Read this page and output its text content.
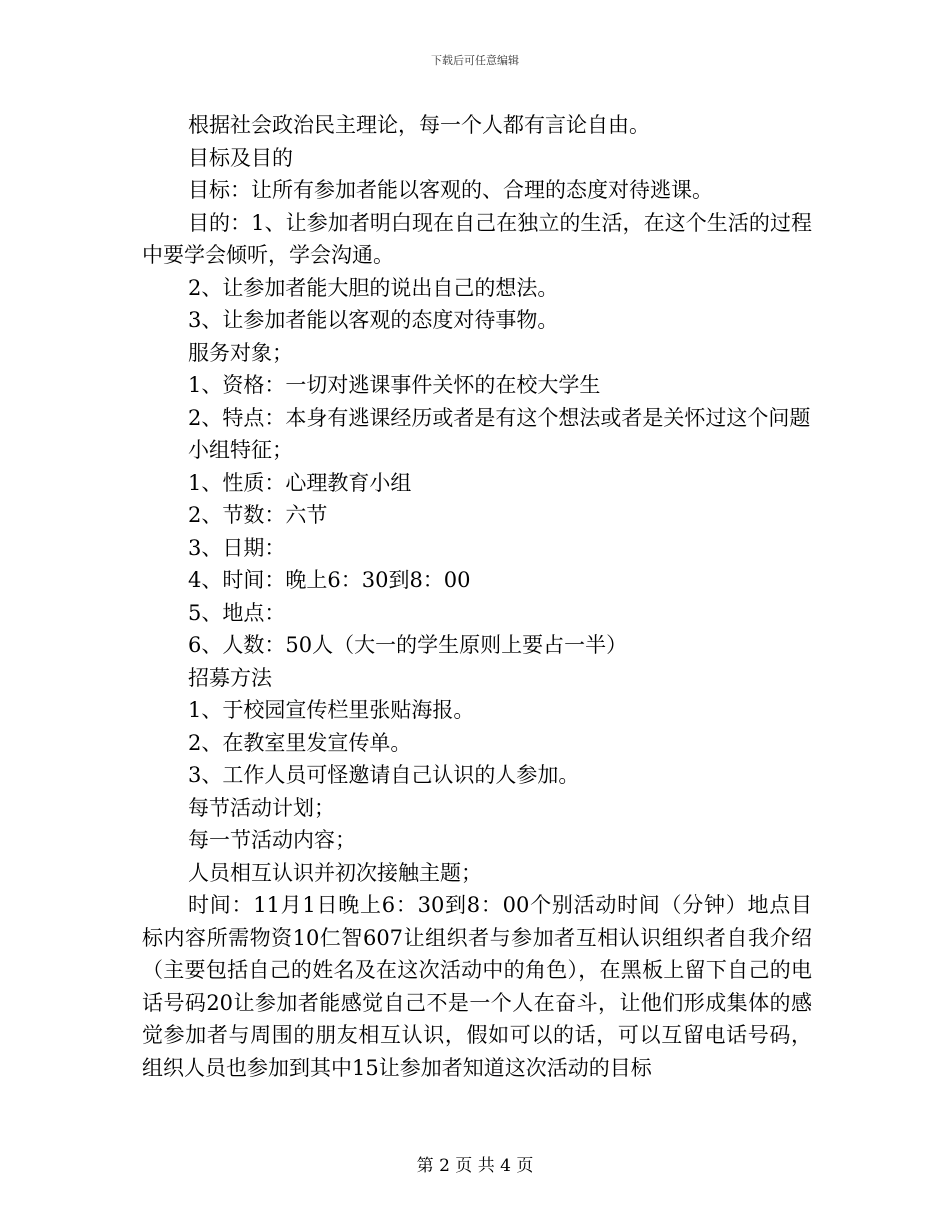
下载后可任意编辑

根据社会政治民主理论，每一个人都有言论自由。

目标及目的

目标：让所有参加者能以客观的、合理的态度对待逃课。

目的：1、让参加者明白现在自己在独立的生活，在这个生活的过程中要学会倾听，学会沟通。

2、让参加者能大胆的说出自己的想法。

3、让参加者能以客观的态度对待事物。

服务对象；

1、资格：一切对逃课事件关怀的在校大学生

2、特点：本身有逃课经历或者是有这个想法或者是关怀过这个问题

小组特征；

1、性质：心理教育小组

2、节数：六节

3、日期：

4、时间：晚上6：30到8：00

5、地点：

6、人数：50人（大一的学生原则上要占一半）

招募方法

1、于校园宣传栏里张贴海报。

2、在教室里发宣传单。

3、工作人员可怪邀请自己认识的人参加。

每节活动计划；

每一节活动内容；

人员相互认识并初次接触主题；

时间：11月1日晚上6：30到8：00个别活动时间（分钟）地点目标内容所需物资10仁智607让组织者与参加者互相认识组织者自我介绍（主要包括自己的姓名及在这次活动中的角色），在黑板上留下自己的电话号码20让参加者能感觉自己不是一个人在奋斗，让他们形成集体的感觉参加者与周围的朋友相互认识，假如可以的话，可以互留电话号码，组织人员也参加到其中15让参加者知道这次活动的目标

第 2 页 共 4 页
